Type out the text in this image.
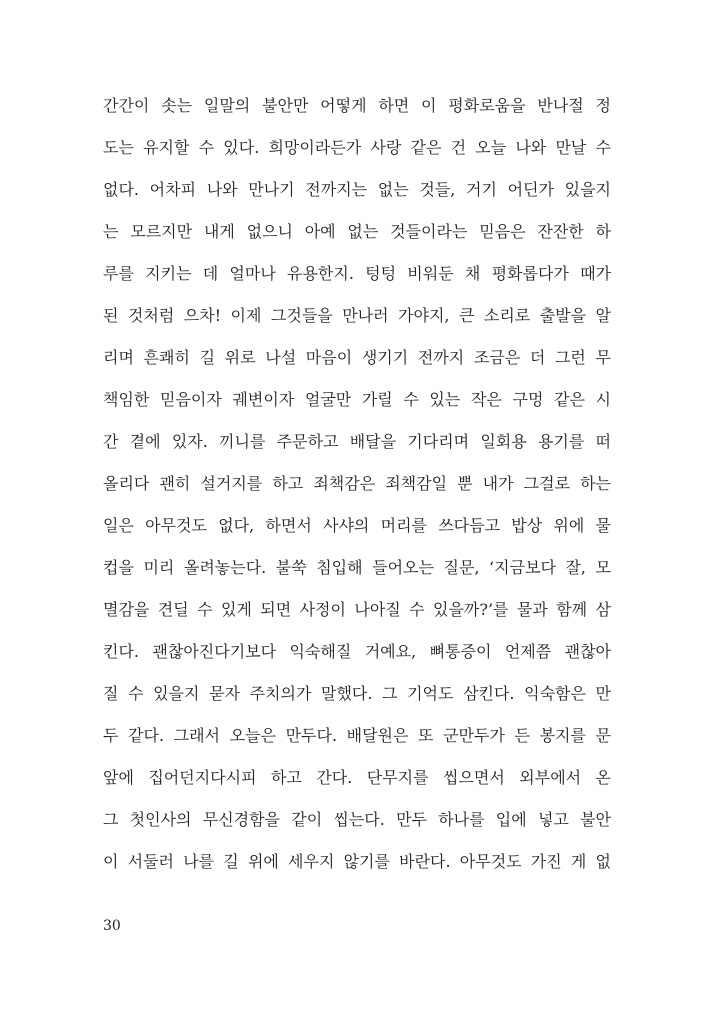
간간이 솟는 일말의 불안만 어떻게 하면 이 평화로움을 반나절 정
도는 유지할 수 있다. 희망이라든가 사랑 같은 건 오늘 나와 만날 수
없다. 어차피 나와 만나기 전까지는 없는 것들, 거기 어딘가 있을지
는 모르지만 내게 없으니 아예 없는 것들이라는 믿음은 잔잔한 하
루를 지키는 데 얼마나 유용한지. 텅텅 비워둔 채 평화롭다가 때가
된 것처럼 으차! 이제 그것들을 만나러 가야지, 큰 소리로 출발을 알
리며 흔쾌히 길 위로 나설 마음이 생기기 전까지 조금은 더 그런 무
책임한 믿음이자 궤변이자 얼굴만 가릴 수 있는 작은 구멍 같은 시
간 곁에 있자. 끼니를 주문하고 배달을 기다리며 일회용 용기를 떠
올리다 괜히 설거지를 하고 죄책감은 죄책감일 뿐 내가 그걸로 하는
일은 아무것도 없다, 하면서 사샤의 머리를 쓰다듬고 밥상 위에 물
컵을 미리 올려놓는다. 불쑥 침입해 들어오는 질문, ‘지금보다 잘, 모
멸감을 견딜 수 있게 되면 사정이 나아질 수 있을까?’를 물과 함께 삼
킨다. 괜찮아진다기보다 익숙해질 거예요, 뼈통증이 언제쯤 괜찮아
질 수 있을지 묻자 주치의가 말했다. 그 기억도 삼킨다. 익숙함은 만
두 같다. 그래서 오늘은 만두다. 배달원은 또 군만두가 든 봉지를 문
앞에 집어던지다시피 하고 간다. 단무지를 씹으면서 외부에서 온
그 첫인사의 무신경함을 같이 씹는다. 만두 하나를 입에 넣고 불안
이 서둘러 나를 길 위에 세우지 않기를 바란다. 아무것도 가진 게 없
30
